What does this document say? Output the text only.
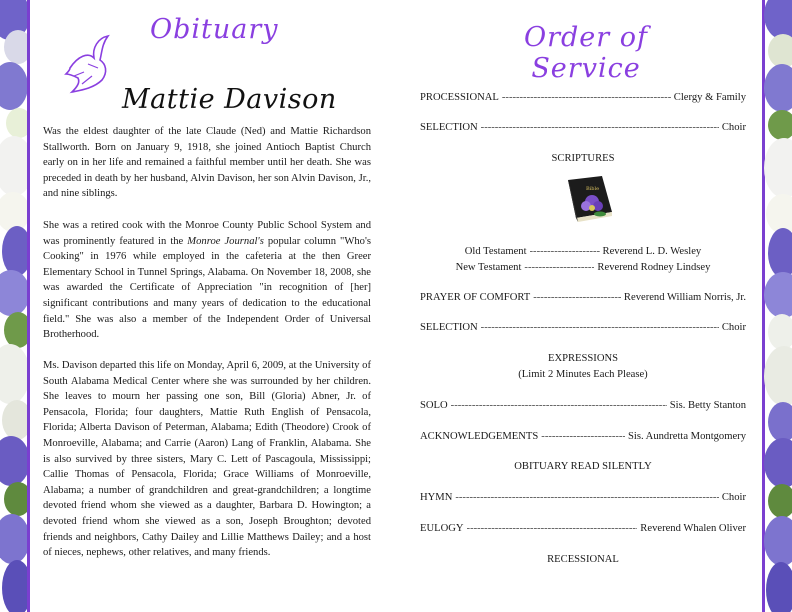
Obituary
Mattie Davison

Was the eldest daughter of the late Claude (Ned) and Mattie Richardson Stallworth. Born on January 9, 1918, she joined Antioch Baptist Church early on in her life and remained a faithful member until her death. She was preceded in death by her husband, Alvin Davison, her son Alvin Davison, Jr., and nine siblings.

She was a retired cook with the Monroe County Public School System and was prominently featured in the Monroe Journal's popular column "Who's Cooking" in 1976 while employed in the cafeteria at the then Greer Elementary School in Tunnel Springs, Alabama. On November 18, 2008, she was awarded the Certificate of Appreciation "in recognition of [her] significant contributions and many years of dedication to the educational field." She was also a member of the Independent Order of Universal Brotherhood.

Ms. Davison departed this life on Monday, April 6, 2009, at the University of South Alabama Medical Center where she was surrounded by her children. She leaves to mourn her passing one son, Bill (Gloria) Abner, Jr. of Pensacola, Florida; four daughters, Mattie Ruth English of Pensacola, Florida; Alberta Davison of Peterman, Alabama; Edith (Theodore) Crook of Monroeville, Alabama; and Carrie (Aaron) Lang of Franklin, Alabama. She is also survived by three sisters, Mary C. Lett of Pascagoula, Mississippi; Callie Thomas of Pensacola, Florida; Grace Williams of Monroeville, Alabama; a number of grandchildren and great-grandchildren; a longtime devoted friend whom she viewed as a daughter, Barbara D. Howington; a devoted friend whom she viewed as a son, Joseph Broughton; devoted friends and neighbors, Cathy Dailey and Lillie Matthews Dailey; and a host of nieces, nephews, other relatives, and many friends.

Order of Service
PROCESSIONAL -----	Clergy & Family
SELECTION -----	Choir
SCRIPTURES
Bible
Old Testament -----	Reverend L. D. Wesley
New Testament -----	Reverend Rodney Lindsey
PRAYER OF COMFORT -----	Reverend William Norris, Jr.
SELECTION -----	Choir
EXPRESSIONS
(Limit 2 Minutes Each Please)
SOLO -----	Sis. Betty Stanton
ACKNOWLEDGEMENTS -----	Sis. Aundretta Montgomery
OBITUARY READ SILENTLY
HYMN -----	Choir
EULOGY -----	Reverend Whalen Oliver
RECESSIONAL
